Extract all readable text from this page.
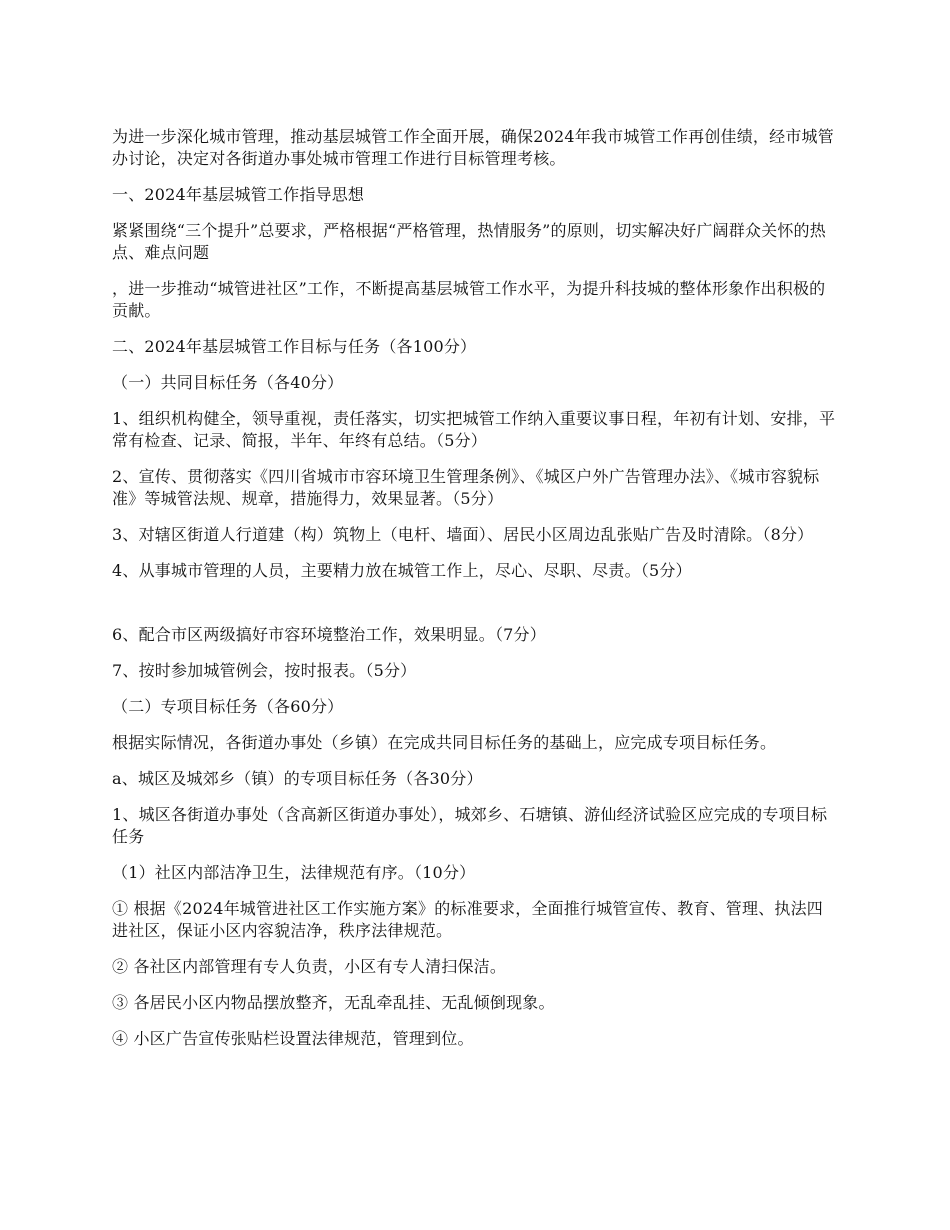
为进一步深化城市管理，推动基层城管工作全面开展，确保2024年我市城管工作再创佳绩，经市城管办讨论，决定对各街道办事处城市管理工作进行目标管理考核。

一、2024年基层城管工作指导思想

紧紧围绕“三个提升”总要求，严格根据“严格管理，热情服务”的原则，切实解决好广阔群众关怀的热点、难点问题

，进一步推动“城管进社区”工作，不断提高基层城管工作水平，为提升科技城的整体形象作出积极的贡献。

二、2024年基层城管工作目标与任务（各100分）

（一）共同目标任务（各40分）

1、组织机构健全，领导重视，责任落实，切实把城管工作纳入重要议事日程，年初有计划、安排，平常有检查、记录、简报，半年、年终有总结。（5分）

2、宣传、贯彻落实《四川省城市市容环境卫生管理条例》、《城区户外广告管理办法》、《城市容貌标准》等城管法规、规章，措施得力，效果显著。（5分）

3、对辖区街道人行道建（构）筑物上（电杆、墙面）、居民小区周边乱张贴广告及时清除。（8分）

4、从事城市管理的人员，主要精力放在城管工作上，尽心、尽职、尽责。（5分）

6、配合市区两级搞好市容环境整治工作，效果明显。（7分）

7、按时参加城管例会，按时报表。（5分）

（二）专项目标任务（各60分）

根据实际情况，各街道办事处（乡镇）在完成共同目标任务的基础上，应完成专项目标任务。

a、城区及城郊乡（镇）的专项目标任务（各30分）

1、城区各街道办事处（含高新区街道办事处），城郊乡、石塘镇、游仙经济试验区应完成的专项目标任务

（1）社区内部洁净卫生，法律规范有序。（10分）

① 根据《2024年城管进社区工作实施方案》的标准要求，全面推行城管宣传、教育、管理、执法四进社区，保证小区内容貌洁净，秩序法律规范。

② 各社区内部管理有专人负责，小区有专人清扫保洁。

③ 各居民小区内物品摆放整齐，无乱牵乱挂、无乱倾倒现象。

④ 小区广告宣传张贴栏设置法律规范，管理到位。
